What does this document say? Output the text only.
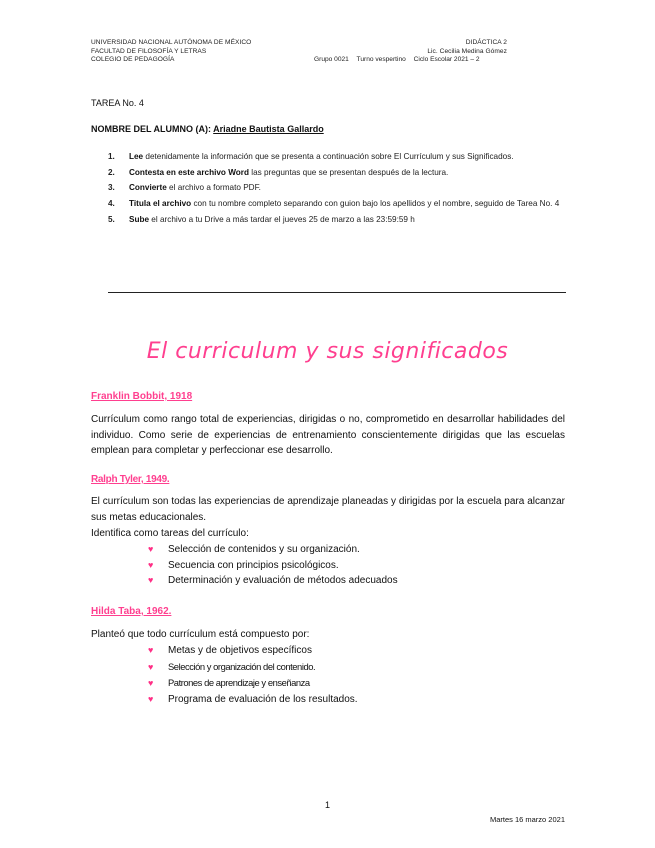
UNIVERSIDAD NACIONAL AUTÓNOMA DE MÉXICO
FACULTAD DE FILOSOFÍA Y LETRAS
COLEGIO DE PEDAGOGÍA
DIDÁCTICA 2
Lic. Cecilia Medina Gómez
Grupo 0021 Turno vespertino Ciclo Escolar 2021 – 2
TAREA No. 4
NOMBRE DEL ALUMNO (A): Ariadne Bautista Gallardo
1. Lee detenidamente la información que se presenta a continuación sobre El Currículum y sus Significados.
2. Contesta en este archivo Word las preguntas que se presentan después de la lectura.
3. Convierte el archivo a formato PDF.
4. Titula el archivo con tu nombre completo separando con guion bajo los apellidos y el nombre, seguido de Tarea No. 4
5. Sube el archivo a tu Drive a más tardar el jueves 25 de marzo a las 23:59:59 h
El curriculum y sus significados
Franklin Bobbit, 1918
Currículum como rango total de experiencias, dirigidas o no, comprometido en desarrollar habilidades del individuo. Como serie de experiencias de entrenamiento conscientemente dirigidas que las escuelas emplean para completar y perfeccionar ese desarrollo.
Ralph Tyler, 1949.
El currículum son todas las experiencias de aprendizaje planeadas y dirigidas por la escuela para alcanzar sus metas educacionales.
Identifica como tareas del currículo:
♥ Selección de contenidos y su organización.
♥ Secuencia con principios psicológicos.
♥ Determinación y evaluación de métodos adecuados
Hilda Taba, 1962.
Planteó que todo currículum está compuesto por:
♥ Metas y de objetivos específicos
♥ Selección y organización del contenido.
♥ Patrones de aprendizaje y enseñanza
♥ Programa de evaluación de los resultados.
1
Martes 16 marzo 2021
